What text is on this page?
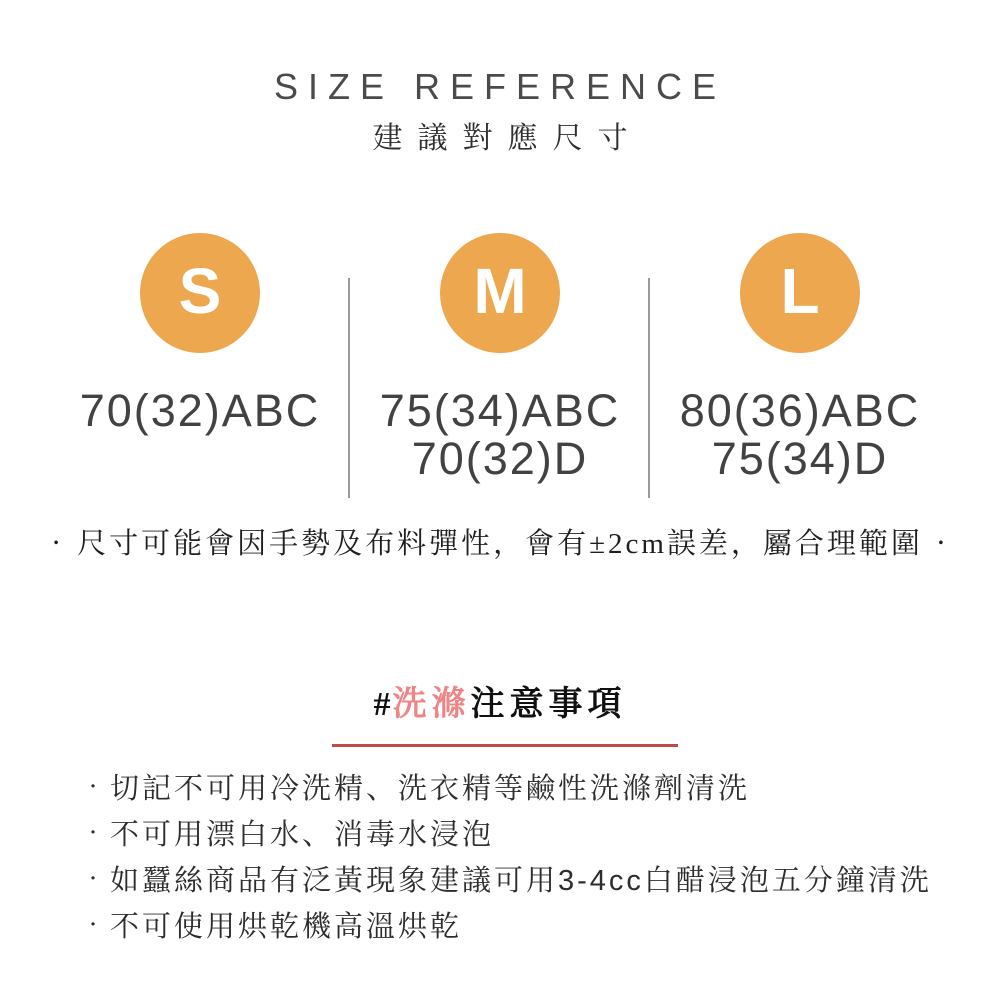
SIZE REFERENCE
建議對應尺寸
S
70(32)ABC
M
75(34)ABC
70(32)D
L
80(36)ABC
75(34)D
・ 尺寸可能會因手勢及布料彈性，會有±2cm誤差，屬合理範圍 ・
#洗滌注意事項
・ 切記不可用冷洗精、洗衣精等鹼性洗滌劑清洗
・ 不可用漂白水、消毒水浸泡
・ 如蠶絲商品有泛黃現象建議可用3-4cc白醋浸泡五分鐘清洗
・ 不可使用烘乾機高溫烘乾
